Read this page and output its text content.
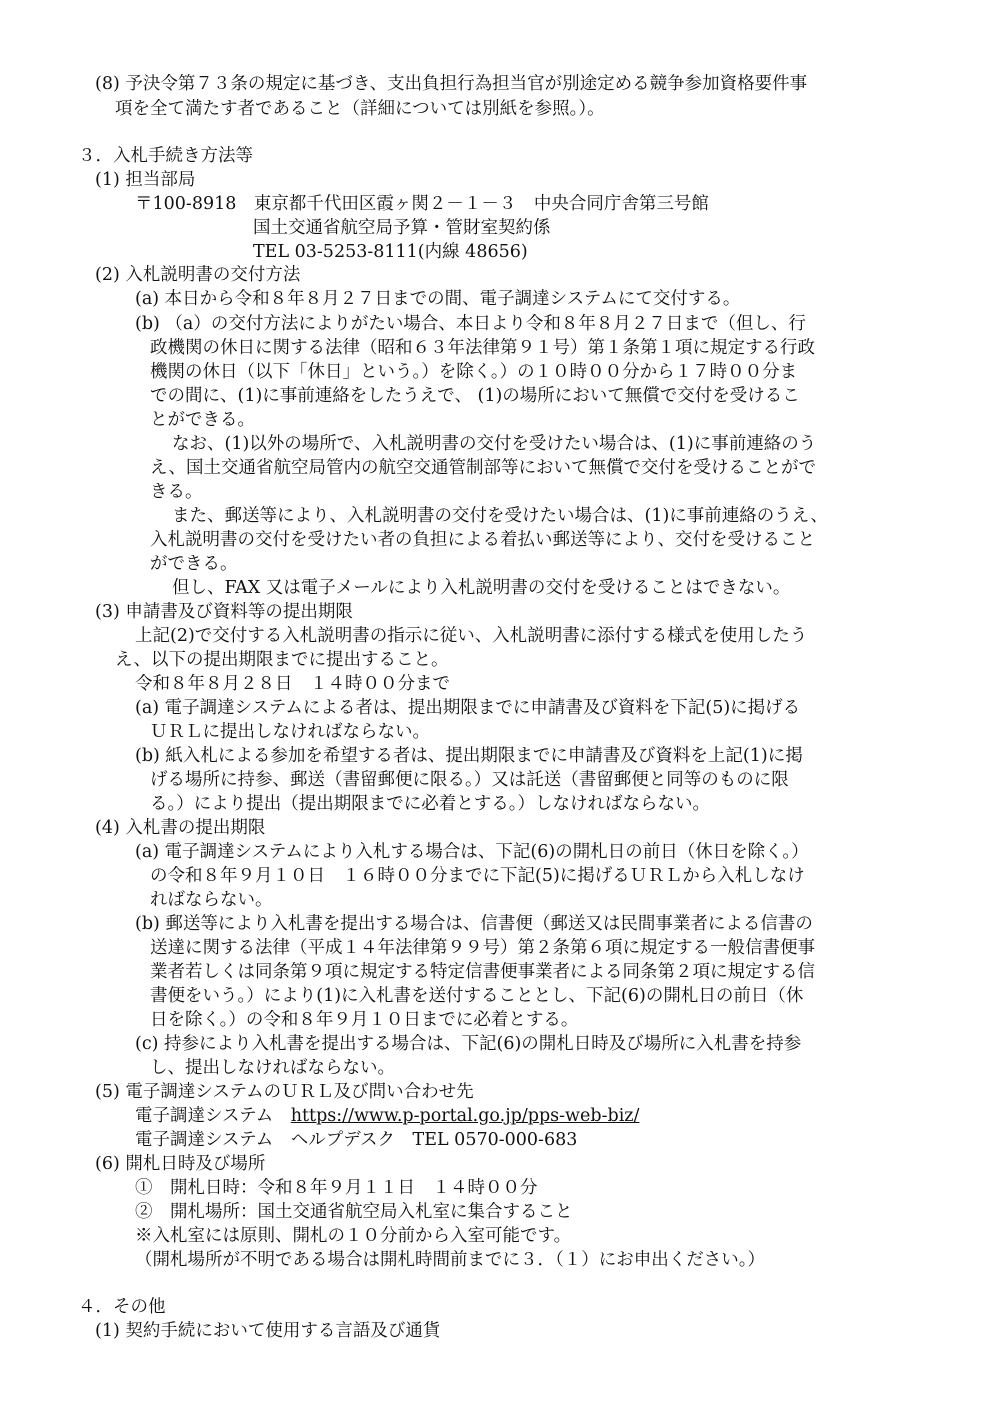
(8) 予決令第７３条の規定に基づき、支出負担行為担当官が別途定める競争参加資格要件事
項を全て満たす者であること（詳細については別紙を参照。）。
３．入札手続き方法等
(1) 担当部局
〒100-8918　東京都千代田区霞ヶ関２－１－３　中央合同庁舎第三号館
国土交通省航空局予算・管財室契約係
TEL 03-5253-8111(内線 48656)
(2) 入札説明書の交付方法
(a) 本日から令和８年８月２７日までの間、電子調達システムにて交付する。
(b) （a）の交付方法によりがたい場合、本日より令和８年８月２７日まで（但し、行
政機関の休日に関する法律（昭和６３年法律第９１号）第１条第１項に規定する行政
機関の休日（以下「休日」という。）を除く。）の１０時００分から１７時００分ま
での間に、(1)に事前連絡をしたうえで、 (1)の場所において無償で交付を受けるこ
とができる。
なお、(1)以外の場所で、入札説明書の交付を受けたい場合は、(1)に事前連絡のう
え、国土交通省航空局管内の航空交通管制部等において無償で交付を受けることがで
きる。
また、郵送等により、入札説明書の交付を受けたい場合は、(1)に事前連絡のうえ、
入札説明書の交付を受けたい者の負担による着払い郵送等により、交付を受けること
ができる。
但し、FAX 又は電子メールにより入札説明書の交付を受けることはできない。
(3) 申請書及び資料等の提出期限
上記(2)で交付する入札説明書の指示に従い、入札説明書に添付する様式を使用したう
え、以下の提出期限までに提出すること。
令和８年８月２８日　１４時００分まで
(a) 電子調達システムによる者は、提出期限までに申請書及び資料を下記(5)に掲げる
ＵＲＬに提出しなければならない。
(b) 紙入札による参加を希望する者は、提出期限までに申請書及び資料を上記(1)に掲
げる場所に持参、郵送（書留郵便に限る。）又は託送（書留郵便と同等のものに限
る。）により提出（提出期限までに必着とする。）しなければならない。
(4) 入札書の提出期限
(a) 電子調達システムにより入札する場合は、下記(6)の開札日の前日（休日を除く。）
の令和８年９月１０日　１６時００分までに下記(5)に掲げるＵＲＬから入札しなけ
ればならない。
(b) 郵送等により入札書を提出する場合は、信書便（郵送又は民間事業者による信書の
送達に関する法律（平成１４年法律第９９号）第２条第６項に規定する一般信書便事
業者若しくは同条第９項に規定する特定信書便事業者による同条第２項に規定する信
書便をいう。）により(1)に入札書を送付することとし、下記(6)の開札日の前日（休
日を除く。）の令和８年９月１０日までに必着とする。
(c) 持参により入札書を提出する場合は、下記(6)の開札日時及び場所に入札書を持参
し、提出しなければならない。
(5) 電子調達システムのＵＲＬ及び問い合わせ先
電子調達システム　https://www.p-portal.go.jp/pps-web-biz/
電子調達システム　ヘルプデスク　TEL 0570-000-683
(6) 開札日時及び場所
①　開札日時：令和８年９月１１日　１４時００分
②　開札場所：国土交通省航空局入札室に集合すること
※入札室には原則、開札の１０分前から入室可能です。
（開札場所が不明である場合は開札時間前までに３．（１）にお申出ください。）
４．その他
(1) 契約手続において使用する言語及び通貨
